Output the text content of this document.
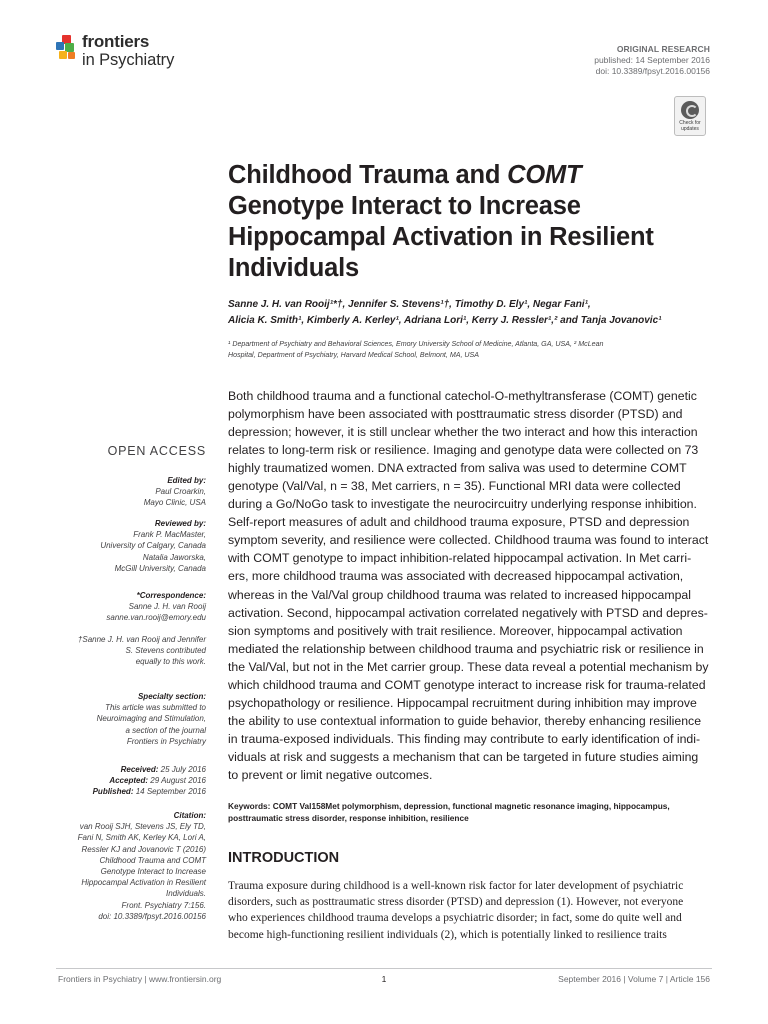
frontiers
in Psychiatry
ORIGINAL RESEARCH
published: 14 September 2016
doi: 10.3389/fpsyt.2016.00156
Check for
updates
Childhood Trauma and COMT
Genotype Interact to Increase
Hippocampal Activation in Resilient
Individuals
Sanne J. H. van Rooij¹*†, Jennifer S. Stevens¹†, Timothy D. Ely¹, Negar Fani¹,
Alicia K. Smith¹, Kimberly A. Kerley¹, Adriana Lori¹, Kerry J. Ressler¹,² and Tanja Jovanovic¹
¹ Department of Psychiatry and Behavioral Sciences, Emory University School of Medicine, Atlanta, GA, USA, ² McLean
Hospital, Department of Psychiatry, Harvard Medical School, Belmont, MA, USA
OPEN ACCESS
Edited by:
Paul Croarkin,
Mayo Clinic, USA
Reviewed by:
Frank P. MacMaster,
University of Calgary, Canada
Natalia Jaworska,
McGill University, Canada
*Correspondence:
Sanne J. H. van Rooij
sanne.van.rooij@emory.edu
†Sanne J. H. van Rooij and Jennifer
S. Stevens contributed
equally to this work.
Specialty section:
This article was submitted to
Neuroimaging and Stimulation,
a section of the journal
Frontiers in Psychiatry
Received: 25 July 2016
Accepted: 29 August 2016
Published: 14 September 2016
Citation:
van Rooij SJH, Stevens JS, Ely TD,
Fani N, Smith AK, Kerley KA, Lori A,
Ressler KJ and Jovanovic T (2016)
Childhood Trauma and COMT
Genotype Interact to Increase
Hippocampal Activation in Resilient
Individuals.
Front. Psychiatry 7:156.
doi: 10.3389/fpsyt.2016.00156
Both childhood trauma and a functional catechol-O-methyltransferase (COMT) genetic
polymorphism have been associated with posttraumatic stress disorder (PTSD) and
depression; however, it is still unclear whether the two interact and how this interaction
relates to long-term risk or resilience. Imaging and genotype data were collected on 73
highly traumatized women. DNA extracted from saliva was used to determine COMT
genotype (Val/Val, n = 38, Met carriers, n = 35). Functional MRI data were collected
during a Go/NoGo task to investigate the neurocircuitry underlying response inhibition.
Self-report measures of adult and childhood trauma exposure, PTSD and depression
symptom severity, and resilience were collected. Childhood trauma was found to interact
with COMT genotype to impact inhibition-related hippocampal activation. In Met carri-
ers, more childhood trauma was associated with decreased hippocampal activation,
whereas in the Val/Val group childhood trauma was related to increased hippocampal
activation. Second, hippocampal activation correlated negatively with PTSD and depres-
sion symptoms and positively with trait resilience. Moreover, hippocampal activation
mediated the relationship between childhood trauma and psychiatric risk or resilience in
the Val/Val, but not in the Met carrier group. These data reveal a potential mechanism by
which childhood trauma and COMT genotype interact to increase risk for trauma-related
psychopathology or resilience. Hippocampal recruitment during inhibition may improve
the ability to use contextual information to guide behavior, thereby enhancing resilience
in trauma-exposed individuals. This finding may contribute to early identification of indi-
viduals at risk and suggests a mechanism that can be targeted in future studies aiming
to prevent or limit negative outcomes.
Keywords: COMT Val158Met polymorphism, depression, functional magnetic resonance imaging, hippocampus,
posttraumatic stress disorder, response inhibition, resilience
INTRODUCTION
Trauma exposure during childhood is a well-known risk factor for later development of psychiatric
disorders, such as posttraumatic stress disorder (PTSD) and depression (1). However, not everyone
who experiences childhood trauma develops a psychiatric disorder; in fact, some do quite well and
become high-functioning resilient individuals (2), which is potentially linked to resilience traits
Frontiers in Psychiatry | www.frontiersin.org	1	September 2016 | Volume 7 | Article 156
